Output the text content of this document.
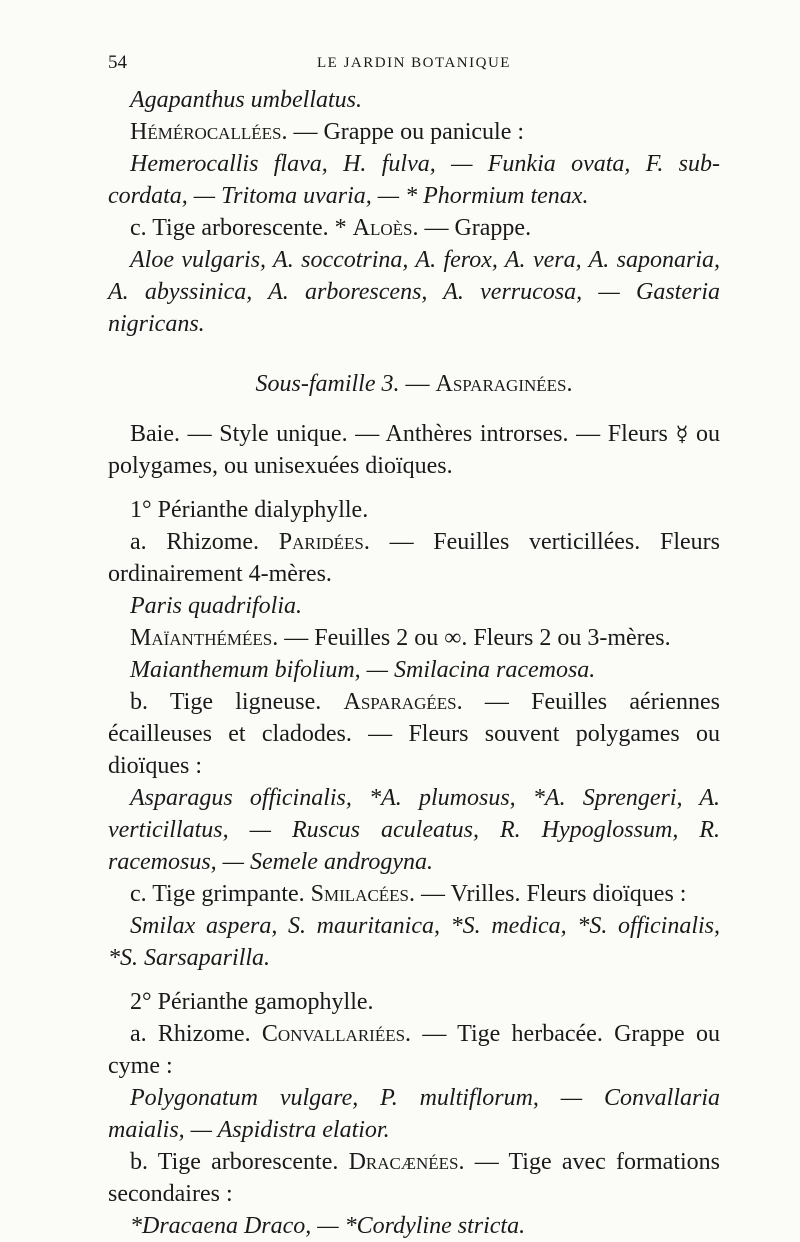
54	LE JARDIN BOTANIQUE

Agapanthus umbellatus.

Hémérocallées. — Grappe ou panicule :

Hemerocallis flava, H. fulva, — Funkia ovata, F. sub-cordata, — Tritoma uvaria, — * Phormium tenax.

c. Tige arborescente. * Aloès. — Grappe.

Aloe vulgaris, A. soccotrina, A. ferox, A. vera, A. saponaria, A. abyssinica, A. arborescens, A. verrucosa, — Gasteria nigricans.

Sous-famille 3. — Asparaginées.

Baie. — Style unique. — Anthères introrses. — Fleurs ☿ ou polygames, ou unisexuées dioïques.

1° Périanthe dialyphylle.

a. Rhizome. Paridées. — Feuilles verticillées. Fleurs ordinairement 4-mères.

Paris quadrifolia.

Maïanthémées. — Feuilles 2 ou ∞. Fleurs 2 ou 3-mères.

Maianthemum bifolium, — Smilacina racemosa.

b. Tige ligneuse. Asparagées. — Feuilles aériennes écailleuses et cladodes. — Fleurs souvent polygames ou dioïques :

Asparagus officinalis, *A. plumosus, *A. Sprengeri, A. verticillatus, — Ruscus aculeatus, R. Hypoglossum, R. racemosus, — Semele androgyna.

c. Tige grimpante. Smilacées. — Vrilles. Fleurs dioïques :

Smilax aspera, S. mauritanica, *S. medica, *S. officinalis, *S. Sarsaparilla.

2° Périanthe gamophylle.

a. Rhizome. Convallariées. — Tige herbacée. Grappe ou cyme :

Polygonatum vulgare, P. multiflorum, — Convallaria maialis, — Aspidistra elatior.

b. Tige arborescente. Dracænées. — Tige avec formations secondaires :

*Dracaena Draco, — *Cordyline stricta.
